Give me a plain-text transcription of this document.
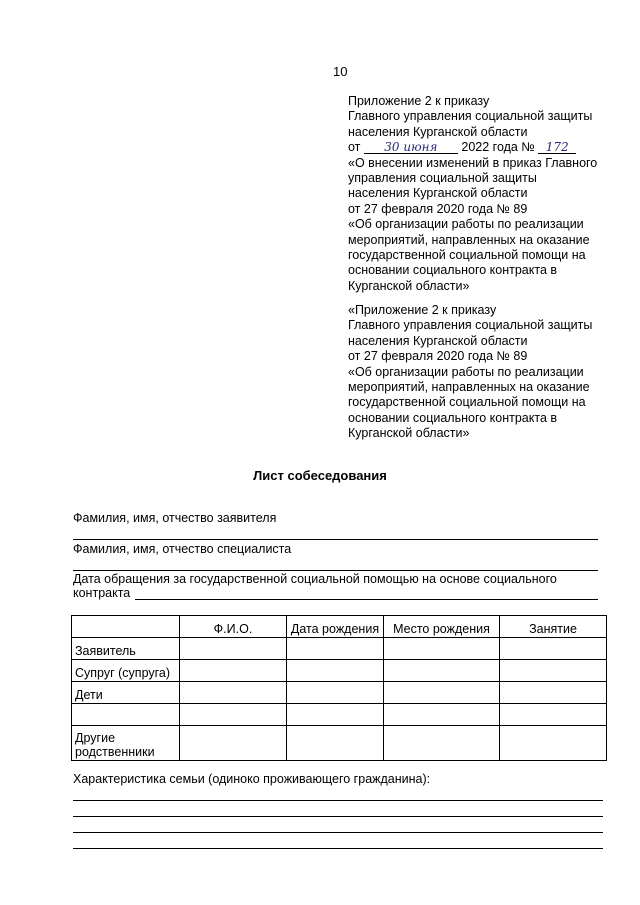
10
Приложение 2 к приказу
Главного управления социальной защиты
населения Курганской области
от 30 июня 2022 года № 172
«О внесении изменений в приказ Главного
управления социальной защиты
населения Курганской области
от 27 февраля 2020 года № 89
«Об организации работы по реализации
мероприятий, направленных на оказание
государственной социальной помощи на
основании социального контракта в
Курганской области»
«Приложение 2 к приказу
Главного управления социальной защиты
населения Курганской области
от 27 февраля 2020 года № 89
«Об организации работы по реализации
мероприятий, направленных на оказание
государственной социальной помощи на
основании социального контракта в
Курганской области»
Лист собеседования
Фамилия, имя, отчество заявителя
Фамилия, имя, отчество специалиста
Дата обращения за государственной социальной помощью на основе социального
контракта
	Ф.И.О.	Дата рождения	Место рождения	Занятие
Заявитель				
Супруг (супруга)				
Дети				

Другие родственники				
Характеристика семьи (одиноко проживающего гражданина):
